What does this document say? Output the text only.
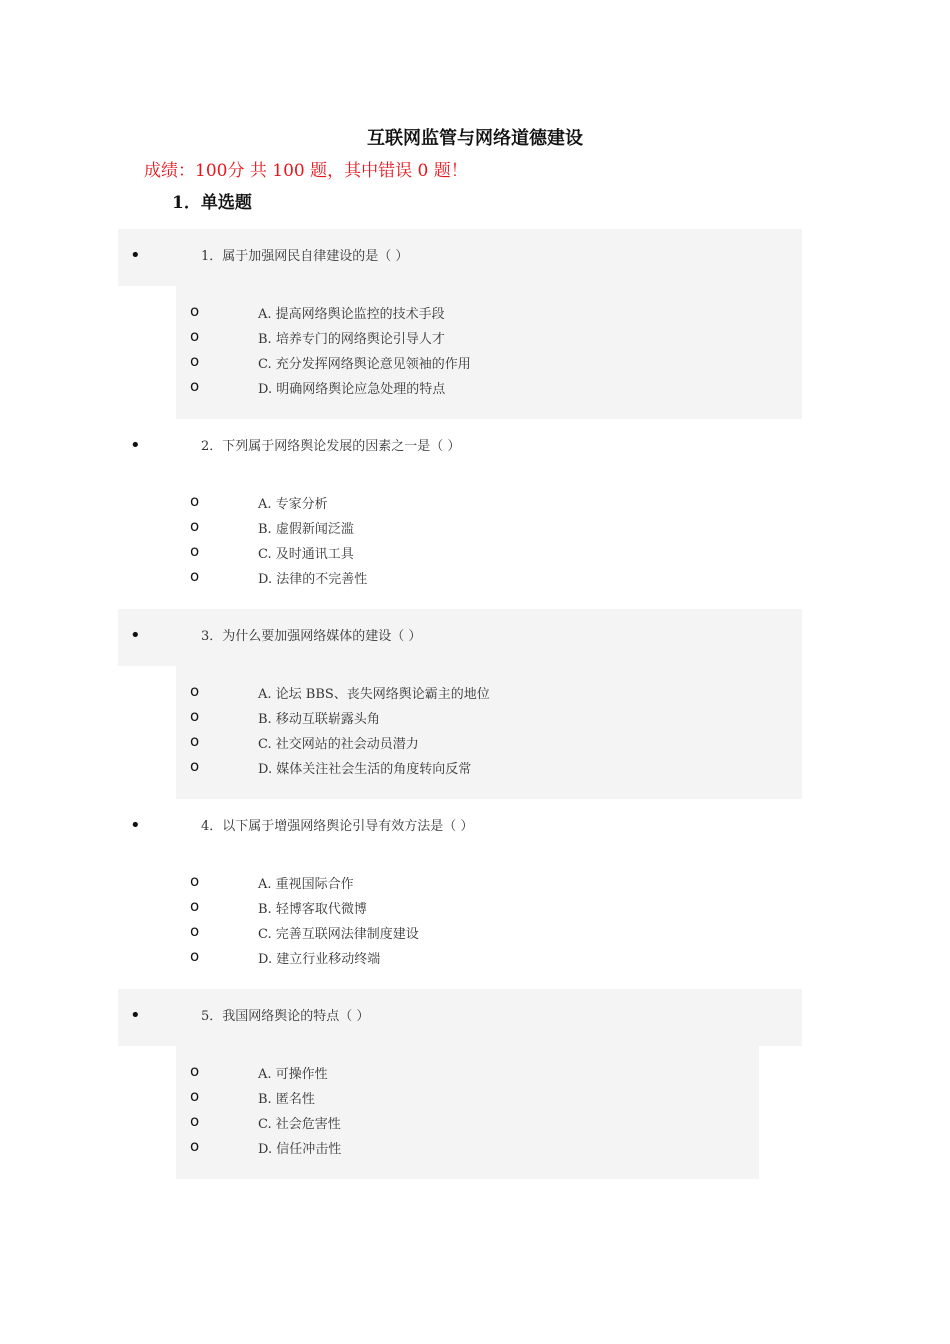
互联网监管与网络道德建设
成绩：100分 共 100 题，其中错误 0 题！
1．单选题
•	1．属于加强网民自律建设的是（ ）
o	A. 提高网络舆论监控的技术手段
o	B. 培养专门的网络舆论引导人才
o	C. 充分发挥网络舆论意见领袖的作用
o	D. 明确网络舆论应急处理的特点
•	2．下列属于网络舆论发展的因素之一是（ ）
o	A. 专家分析
o	B. 虚假新闻泛滥
o	C. 及时通讯工具
o	D. 法律的不完善性
•	3．为什么要加强网络媒体的建设（ ）
o	A. 论坛 BBS、丧失网络舆论霸主的地位
o	B. 移动互联崭露头角
o	C. 社交网站的社会动员潜力
o	D. 媒体关注社会生活的角度转向反常
•	4．以下属于增强网络舆论引导有效方法是（ ）
o	A. 重视国际合作
o	B. 轻博客取代微博
o	C. 完善互联网法律制度建设
o	D. 建立行业移动终端
•	5．我国网络舆论的特点（ ）
o	A. 可操作性
o	B. 匿名性
o	C. 社会危害性
o	D. 信任冲击性
